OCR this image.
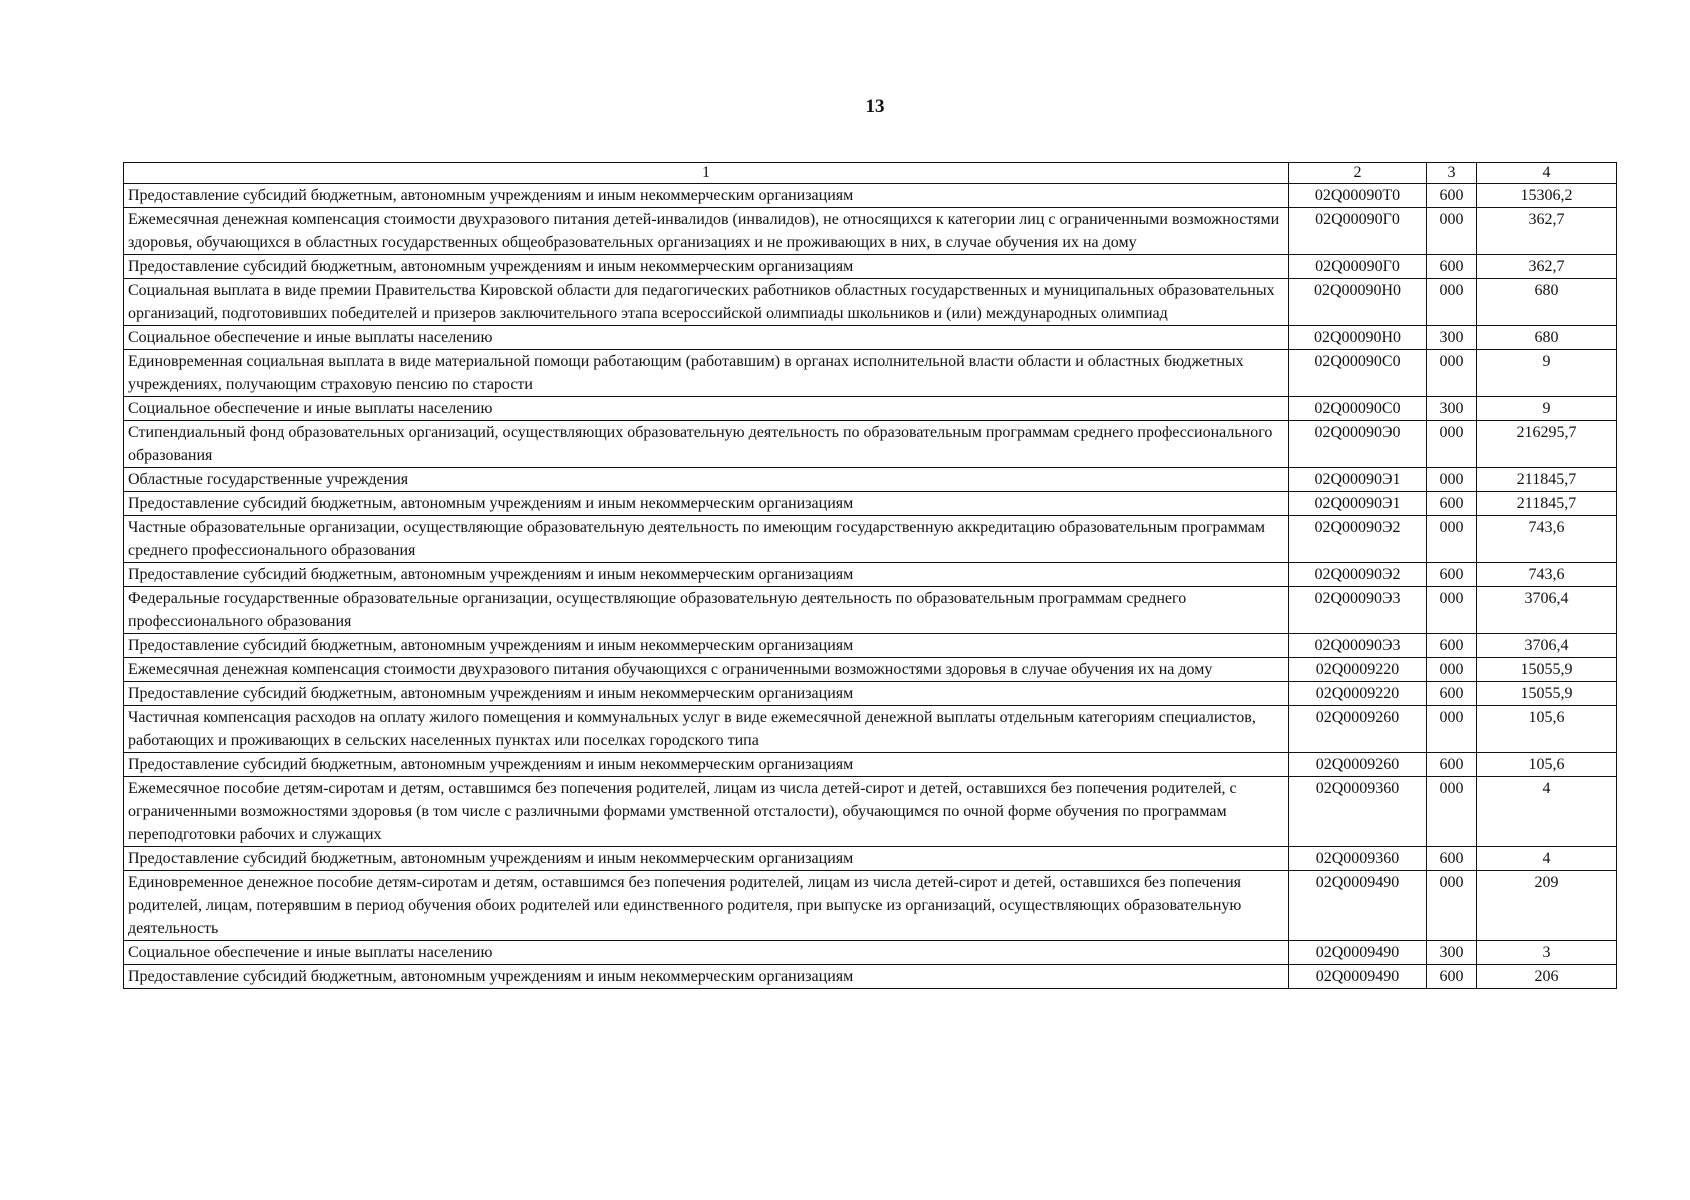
13
1	2	3	4
Предоставление субсидий бюджетным, автономным учреждениям и иным некоммерческим организациям	02Q00090Т0	600	15306,2
Ежемесячная денежная компенсация стоимости двухразового питания детей-инвалидов (инвалидов), не относящихся к категории лиц с ограниченными возможностями здоровья, обучающихся в областных государственных общеобразовательных организациях и не проживающих в них, в случае обучения их на дому	02Q00090Г0	000	362,7
Предоставление субсидий бюджетным, автономным учреждениям и иным некоммерческим организациям	02Q00090Г0	600	362,7
Социальная выплата в виде премии Правительства Кировской области для педагогических работников областных государственных и муниципальных образовательных организаций, подготовивших победителей и призеров заключительного этапа всероссийской олимпиады школьников и (или) международных олимпиад	02Q00090Н0	000	680
Социальное обеспечение и иные выплаты населению	02Q00090Н0	300	680
Единовременная социальная выплата в виде материальной помощи работающим (работавшим) в органах исполнительной власти области и областных бюджетных учреждениях, получающим страховую пенсию по старости	02Q00090С0	000	9
Социальное обеспечение и иные выплаты населению	02Q00090С0	300	9
Стипендиальный фонд образовательных организаций, осуществляющих образовательную деятельность по образовательным программам среднего профессионального образования	02Q00090Э0	000	216295,7
Областные государственные учреждения	02Q00090Э1	000	211845,7
Предоставление субсидий бюджетным, автономным учреждениям и иным некоммерческим организациям	02Q00090Э1	600	211845,7
Частные образовательные организации, осуществляющие образовательную деятельность по имеющим государственную аккредитацию образовательным программам среднего профессионального образования	02Q00090Э2	000	743,6
Предоставление субсидий бюджетным, автономным учреждениям и иным некоммерческим организациям	02Q00090Э2	600	743,6
Федеральные государственные образовательные организации, осуществляющие образовательную деятельность по образовательным программам среднего профессионального образования	02Q00090Э3	000	3706,4
Предоставление субсидий бюджетным, автономным учреждениям и иным некоммерческим организациям	02Q00090Э3	600	3706,4
Ежемесячная денежная компенсация стоимости двухразового питания обучающихся с ограниченными возможностями здоровья в случае обучения их на дому	02Q0009220	000	15055,9
Предоставление субсидий бюджетным, автономным учреждениям и иным некоммерческим организациям	02Q0009220	600	15055,9
Частичная компенсация расходов на оплату жилого помещения и коммунальных услуг в виде ежемесячной денежной выплаты отдельным категориям специалистов, работающих и проживающих в сельских населенных пунктах или поселках городского типа	02Q0009260	000	105,6
Предоставление субсидий бюджетным, автономным учреждениям и иным некоммерческим организациям	02Q0009260	600	105,6
Ежемесячное пособие детям-сиротам и детям, оставшимся без попечения родителей, лицам из числа детей-сирот и детей, оставшихся без попечения родителей, с ограниченными возможностями здоровья (в том числе с различными формами умственной отсталости), обучающимся по очной форме обучения по программам переподготовки рабочих и служащих	02Q0009360	000	4
Предоставление субсидий бюджетным, автономным учреждениям и иным некоммерческим организациям	02Q0009360	600	4
Единовременное денежное пособие детям-сиротам и детям, оставшимся без попечения родителей, лицам из числа детей-сирот и детей, оставшихся без попечения родителей, лицам, потерявшим в период обучения обоих родителей или единственного родителя, при выпуске из организаций, осуществляющих образовательную деятельность	02Q0009490	000	209
Социальное обеспечение и иные выплаты населению	02Q0009490	300	3
Предоставление субсидий бюджетным, автономным учреждениям и иным некоммерческим организациям	02Q0009490	600	206
